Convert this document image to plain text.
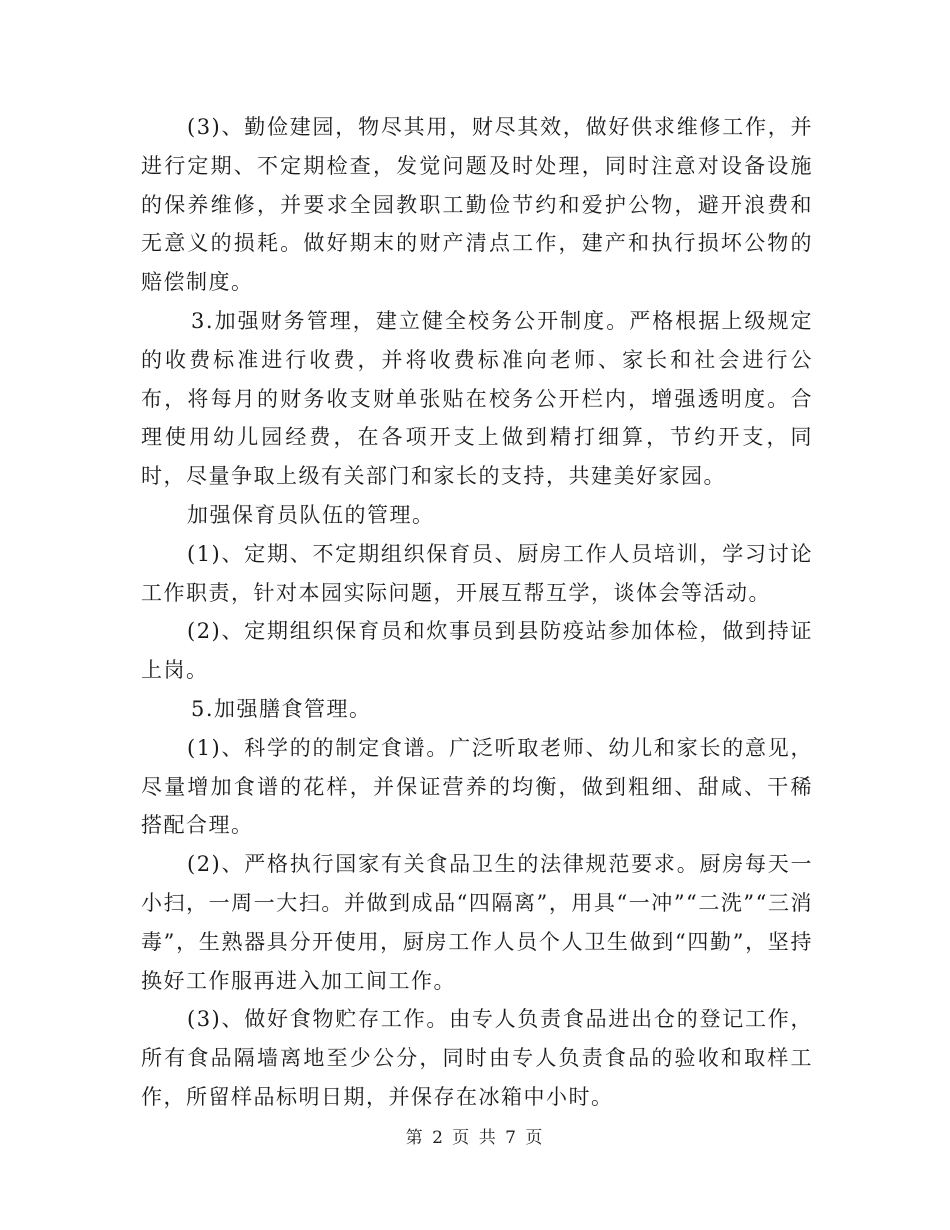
(3)、勤俭建园，物尽其用，财尽其效，做好供求维修工作，并进行定期、不定期检查，发觉问题及时处理，同时注意对设备设施的保养维修，并要求全园教职工勤俭节约和爱护公物，避开浪费和无意义的损耗。做好期末的财产清点工作，建产和执行损坏公物的赔偿制度。

3.加强财务管理，建立健全校务公开制度。严格根据上级规定的收费标准进行收费，并将收费标准向老师、家长和社会进行公布，将每月的财务收支财单张贴在校务公开栏内，增强透明度。合理使用幼儿园经费，在各项开支上做到精打细算，节约开支，同时，尽量争取上级有关部门和家长的支持，共建美好家园。

加强保育员队伍的管理。

(1)、定期、不定期组织保育员、厨房工作人员培训，学习讨论工作职责，针对本园实际问题，开展互帮互学，谈体会等活动。

(2)、定期组织保育员和炊事员到县防疫站参加体检，做到持证上岗。

5.加强膳食管理。

(1)、科学的的制定食谱。广泛听取老师、幼儿和家长的意见，尽量增加食谱的花样，并保证营养的均衡，做到粗细、甜咸、干稀搭配合理。

(2)、严格执行国家有关食品卫生的法律规范要求。厨房每天一小扫，一周一大扫。并做到成品“四隔离”，用具“一冲”“二洗”“三消毒”，生熟器具分开使用，厨房工作人员个人卫生做到“四勤”，坚持换好工作服再进入加工间工作。

(3)、做好食物贮存工作。由专人负责食品进出仓的登记工作，所有食品隔墙离地至少公分，同时由专人负责食品的验收和取样工作，所留样品标明日期，并保存在冰箱中小时。

第 2 页 共 7 页
